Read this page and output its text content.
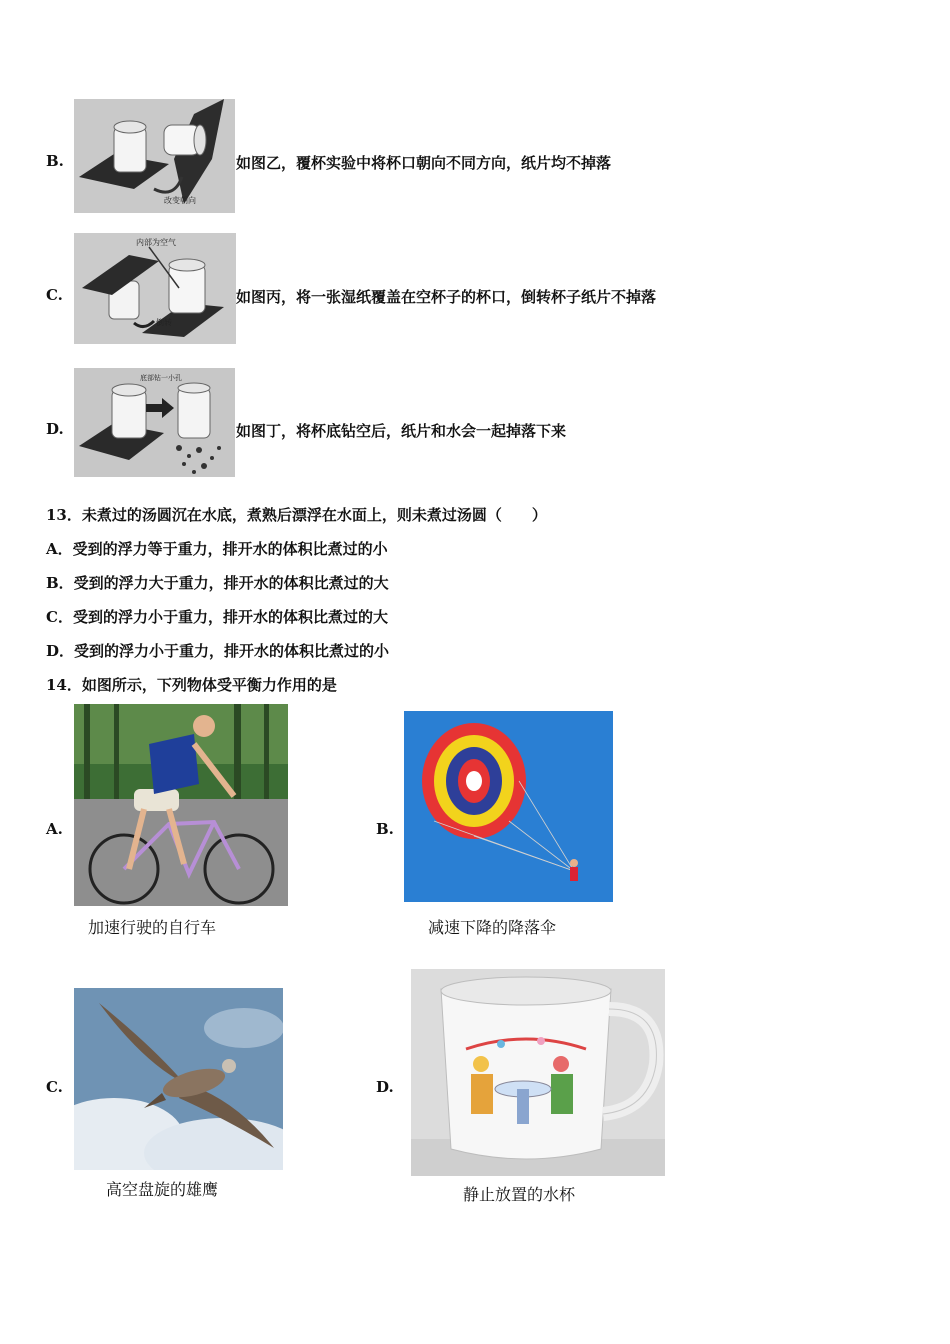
B.
改变朝向
如图乙，覆杯实验中将杯口朝向不同方向，纸片均不掉落
C.
内部为空气
倒转
如图丙，将一张湿纸覆盖在空杯子的杯口，倒转杯子纸片不掉落
D.
底部钻一小孔
如图丁，将杯底钻空后，纸片和水会一起掉落下来
13．未煮过的汤圆沉在水底，煮熟后漂浮在水面上，则未煮过汤圆（　　）
A．受到的浮力等于重力，排开水的体积比煮过的小
B．受到的浮力大于重力，排开水的体积比煮过的大
C．受到的浮力小于重力，排开水的体积比煮过的大
D．受到的浮力小于重力，排开水的体积比煮过的小
14．如图所示，下列物体受平衡力作用的是
A.
加速行驶的自行车
B.
减速下降的降落伞
C.
高空盘旋的雄鹰
D.
静止放置的水杯
